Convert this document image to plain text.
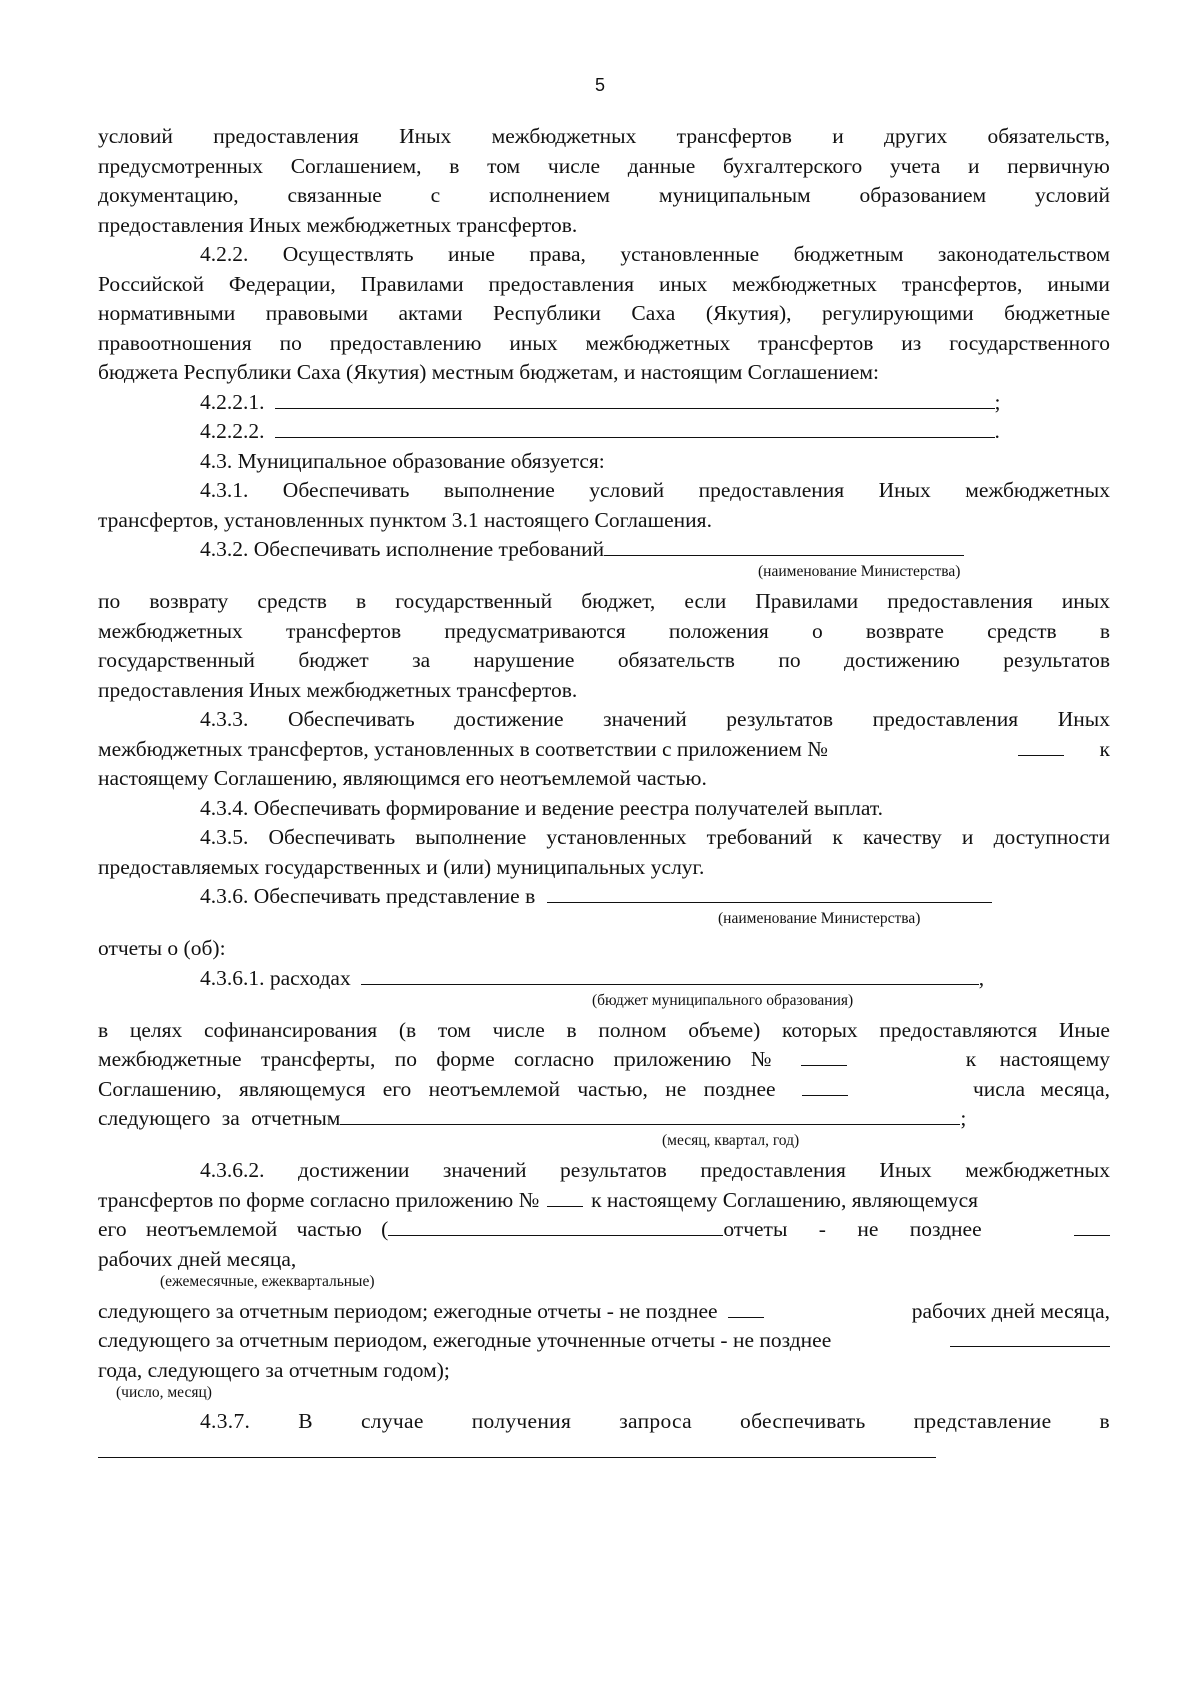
5
условий предоставления Иных межбюджетных трансфертов и других обязательств,
предусмотренных Соглашением, в том числе данные бухгалтерского учета и первичную
документацию, связанные с исполнением муниципальным образованием условий
предоставления Иных межбюджетных трансфертов.
4.2.2. Осуществлять иные права, установленные бюджетным законодательством
Российской Федерации, Правилами предоставления иных межбюджетных трансфертов, иными
нормативными правовыми актами Республики Саха (Якутия), регулирующими бюджетные
правоотношения по предоставлению иных межбюджетных трансфертов из государственного
бюджета Республики Саха (Якутия) местным бюджетам, и настоящим Соглашением:
4.2.2.1.	;
4.2.2.2.	.
4.3. Муниципальное образование обязуется:
4.3.1. Обеспечивать выполнение условий предоставления Иных межбюджетных
трансфертов, установленных пунктом 3.1 настоящего Соглашения.
4.3.2. Обеспечивать исполнение требований
(наименование Министерства)
по возврату средств в государственный бюджет, если Правилами предоставления иных
межбюджетных трансфертов предусматриваются положения о возврате средств в
государственный бюджет за нарушение обязательств по достижению результатов
предоставления Иных межбюджетных трансфертов.
4.3.3. Обеспечивать достижение значений результатов предоставления Иных
межбюджетных трансфертов, установленных в соответствии с приложением №	к
настоящему Соглашению, являющимся его неотъемлемой частью.
4.3.4. Обеспечивать формирование и ведение реестра получателей выплат.
4.3.5. Обеспечивать выполнение установленных требований к качеству и доступности
предоставляемых государственных и (или) муниципальных услуг.
4.3.6. Обеспечивать представление в
(наименование Министерства)
отчеты о (об):
4.3.6.1. расходах	,
(бюджет муниципального образования)
в целях софинансирования (в том числе в полном объеме) которых предоставляются Иные
межбюджетные трансферты, по форме согласно приложению №	к настоящему
Соглашению, являющемуся его неотъемлемой частью, не позднее	числа месяца,
следующего за отчетным	;
(месяц, квартал, год)
4.3.6.2. достижении значений результатов предоставления Иных межбюджетных
трансфертов по форме согласно приложению № к настоящему Соглашению, являющемуся
его неотъемлемой частью (	отчеты - не позднее
рабочих дней месяца,
(ежемесячные, ежеквартальные)
следующего за отчетным периодом; ежегодные отчеты - не позднее	рабочих дней месяца,
следующего за отчетным периодом, ежегодные уточненные отчеты - не позднее
года, следующего за отчетным годом);
(число, месяц)
4.3.7. В случае получения запроса обеспечивать представление в
